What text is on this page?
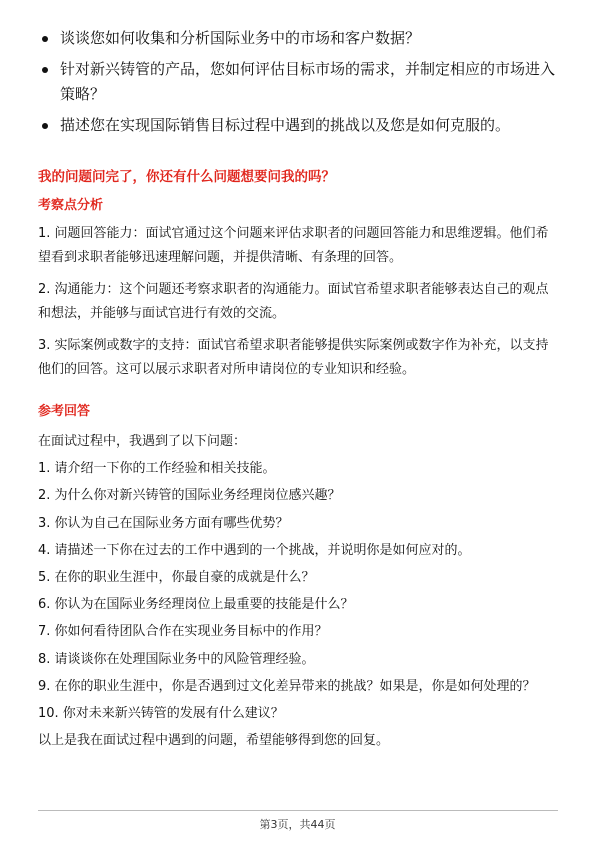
谈谈您如何收集和分析国际业务中的市场和客户数据？
针对新兴铸管的产品，您如何评估目标市场的需求，并制定相应的市场进入策略？
描述您在实现国际销售目标过程中遇到的挑战以及您是如何克服的。

我的问题问完了，你还有什么问题想要问我的吗？

考察点分析

1. 问题回答能力：面试官通过这个问题来评估求职者的问题回答能力和思维逻辑。他们希望看到求职者能够迅速理解问题，并提供清晰、有条理的回答。

2. 沟通能力：这个问题还考察求职者的沟通能力。面试官希望求职者能够表达自己的观点和想法，并能够与面试官进行有效的交流。

3. 实际案例或数字的支持：面试官希望求职者能够提供实际案例或数字作为补充，以支持他们的回答。这可以展示求职者对所申请岗位的专业知识和经验。

参考回答

在面试过程中，我遇到了以下问题：

1. 请介绍一下你的工作经验和相关技能。

2. 为什么你对新兴铸管的国际业务经理岗位感兴趣？

3. 你认为自己在国际业务方面有哪些优势？

4. 请描述一下你在过去的工作中遇到的一个挑战，并说明你是如何应对的。

5. 在你的职业生涯中，你最自豪的成就是什么？

6. 你认为在国际业务经理岗位上最重要的技能是什么？

7. 你如何看待团队合作在实现业务目标中的作用？

8. 请谈谈你在处理国际业务中的风险管理经验。

9. 在你的职业生涯中，你是否遇到过文化差异带来的挑战？如果是，你是如何处理的？

10. 你对未来新兴铸管的发展有什么建议？

以上是我在面试过程中遇到的问题，希望能够得到您的回复。

第3页，共44页
